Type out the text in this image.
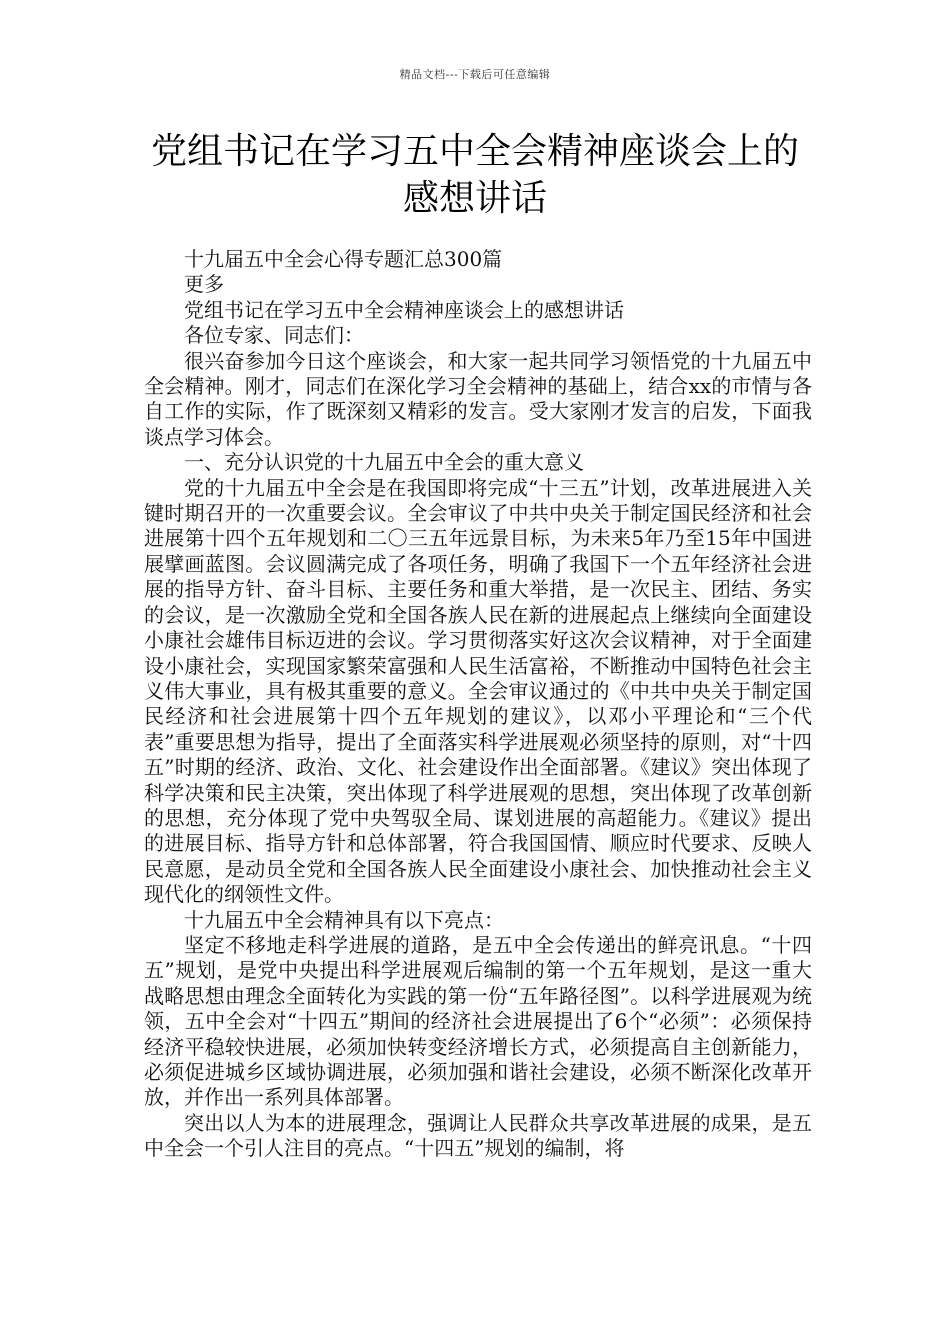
精品文档---下载后可任意编辑
党组书记在学习五中全会精神座谈会上的感想讲话

十九届五中全会心得专题汇总300篇

更多

党组书记在学习五中全会精神座谈会上的感想讲话

各位专家、同志们：

很兴奋参加今日这个座谈会，和大家一起共同学习领悟党的十九届五中全会精神。刚才，同志们在深化学习全会精神的基础上，结合xx的市情与各自工作的实际，作了既深刻又精彩的发言。受大家刚才发言的启发，下面我谈点学习体会。

一、充分认识党的十九届五中全会的重大意义

党的十九届五中全会是在我国即将完成“十三五”计划，改革进展进入关键时期召开的一次重要会议。全会审议了中共中央关于制定国民经济和社会进展第十四个五年规划和二〇三五年远景目标，为未来5年乃至15年中国进展擘画蓝图。会议圆满完成了各项任务，明确了我国下一个五年经济社会进展的指导方针、奋斗目标、主要任务和重大举措，是一次民主、团结、务实的会议，是一次激励全党和全国各族人民在新的进展起点上继续向全面建设小康社会雄伟目标迈进的会议。学习贯彻落实好这次会议精神，对于全面建设小康社会，实现国家繁荣富强和人民生活富裕，不断推动中国特色社会主义伟大事业，具有极其重要的意义。全会审议通过的《中共中央关于制定国民经济和社会进展第十四个五年规划的建议》，以邓小平理论和“三个代表”重要思想为指导，提出了全面落实科学进展观必须坚持的原则，对“十四五”时期的经济、政治、文化、社会建设作出全面部署。《建议》突出体现了科学决策和民主决策，突出体现了科学进展观的思想，突出体现了改革创新的思想，充分体现了党中央驾驭全局、谋划进展的高超能力。《建议》提出的进展目标、指导方针和总体部署，符合我国国情、顺应时代要求、反映人民意愿，是动员全党和全国各族人民全面建设小康社会、加快推动社会主义现代化的纲领性文件。

十九届五中全会精神具有以下亮点：

坚定不移地走科学进展的道路，是五中全会传递出的鲜亮讯息。“十四五”规划，是党中央提出科学进展观后编制的第一个五年规划，是这一重大战略思想由理念全面转化为实践的第一份“五年路径图”。以科学进展观为统领，五中全会对“十四五”期间的经济社会进展提出了6个“必须”：必须保持经济平稳较快进展，必须加快转变经济增长方式，必须提高自主创新能力，必须促进城乡区域协调进展，必须加强和谐社会建设，必须不断深化改革开放，并作出一系列具体部署。

突出以人为本的进展理念，强调让人民群众共享改革进展的成果，是五中全会一个引人注目的亮点。“十四五”规划的编制，将
